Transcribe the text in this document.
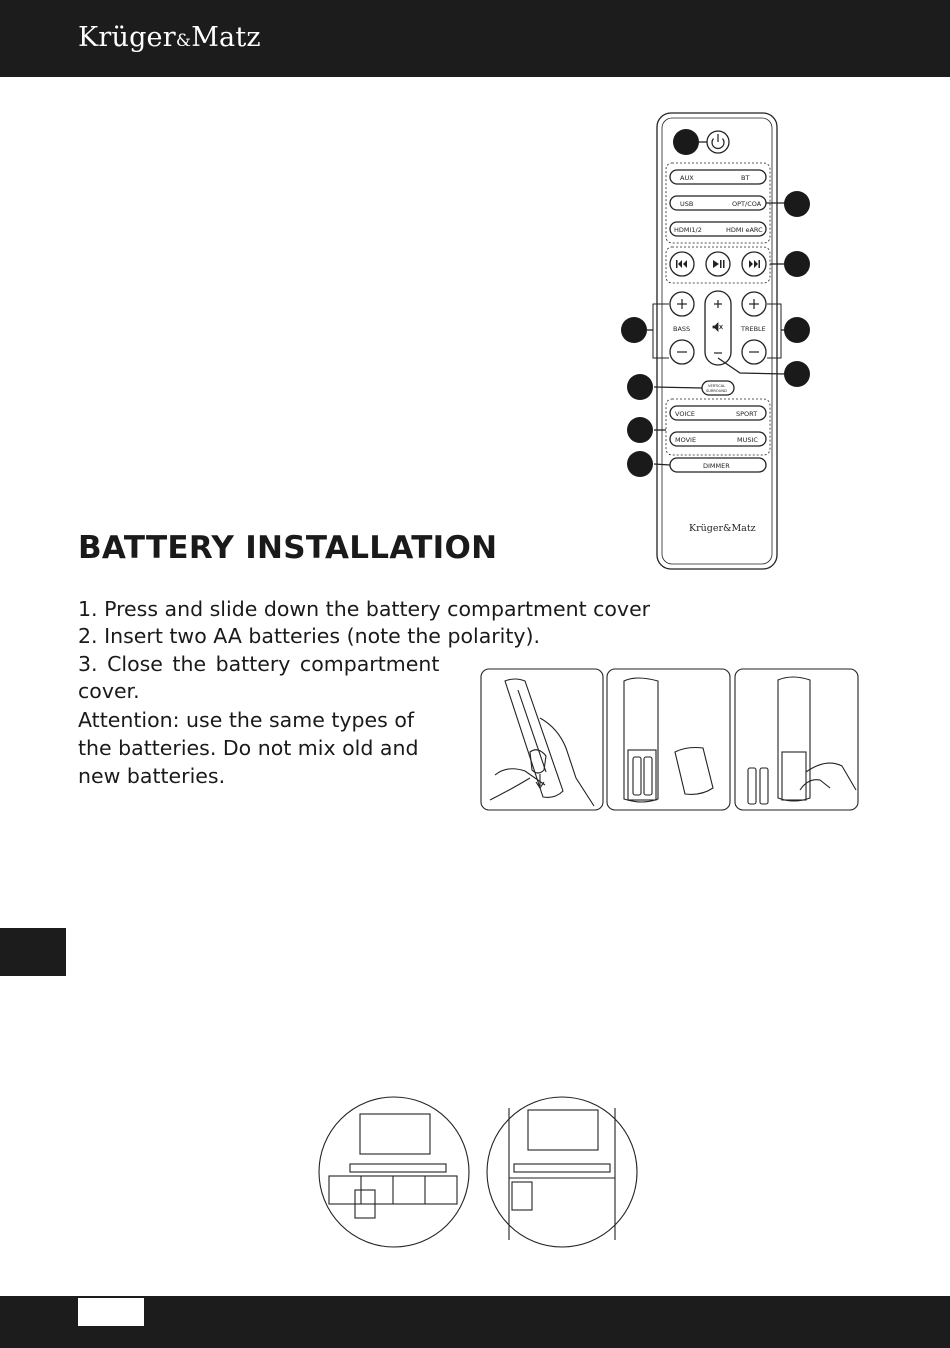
Krüger&Matz
AUX	BT
USB	OPT/COA
HDMI1/2	HDMI eARC
BASS	TREBLE
VOICE	SPORT
MOVIE	MUSIC
DIMMER
VERTICAL
SURROUND
Krüger&Matz
BATTERY INSTALLATION
1. Press and slide down the battery compartment cover
2. Insert two AA batteries (note the polarity).
3. Close the battery compartment
cover.
Attention: use the same types of
the batteries. Do not mix old and
new batteries.
